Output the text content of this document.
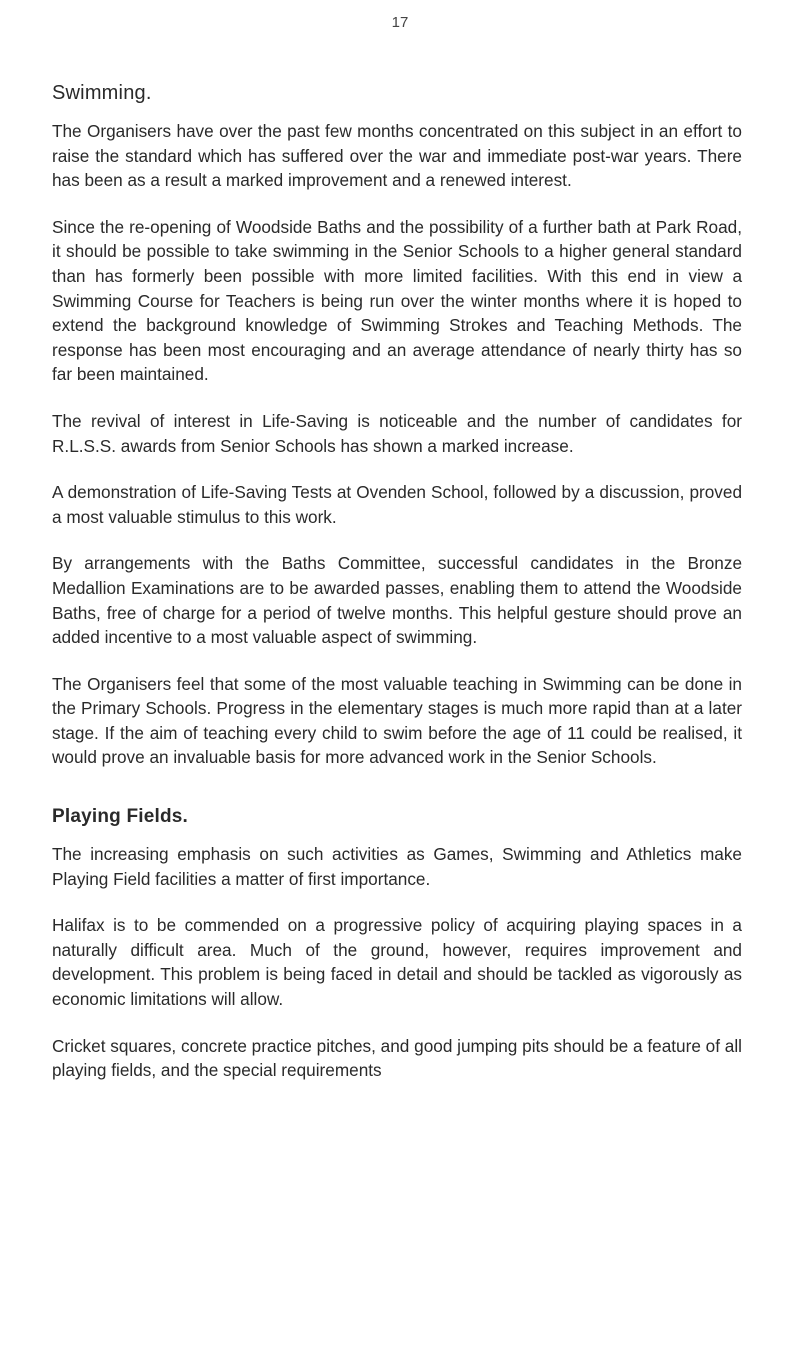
17
Swimming.

The Organisers have over the past few months concentrated on this subject in an effort to raise the standard which has suffered over the war and immediate post-war years. There has been as a result a marked improvement and a renewed interest.

Since the re-opening of Woodside Baths and the possibility of a further bath at Park Road, it should be possible to take swimming in the Senior Schools to a higher general standard than has formerly been possible with more limited facilities. With this end in view a Swimming Course for Teachers is being run over the winter months where it is hoped to extend the background knowledge of Swimming Strokes and Teaching Methods. The response has been most encouraging and an average attendance of nearly thirty has so far been maintained.

The revival of interest in Life-Saving is noticeable and the number of candidates for R.L.S.S. awards from Senior Schools has shown a marked increase.

A demonstration of Life-Saving Tests at Ovenden School, followed by a discussion, proved a most valuable stimulus to this work.

By arrangements with the Baths Committee, successful candidates in the Bronze Medallion Examinations are to be awarded passes, enabling them to attend the Woodside Baths, free of charge for a period of twelve months. This helpful gesture should prove an added incentive to a most valuable aspect of swimming.

The Organisers feel that some of the most valuable teaching in Swimming can be done in the Primary Schools. Progress in the elementary stages is much more rapid than at a later stage. If the aim of teaching every child to swim before the age of 11 could be realised, it would prove an invaluable basis for more advanced work in the Senior Schools.

Playing Fields.

The increasing emphasis on such activities as Games, Swimming and Athletics make Playing Field facilities a matter of first importance.

Halifax is to be commended on a progressive policy of acquiring playing spaces in a naturally difficult area. Much of the ground, however, requires improvement and development. This problem is being faced in detail and should be tackled as vigorously as economic limitations will allow.

Cricket squares, concrete practice pitches, and good jumping pits should be a feature of all playing fields, and the special requirements
